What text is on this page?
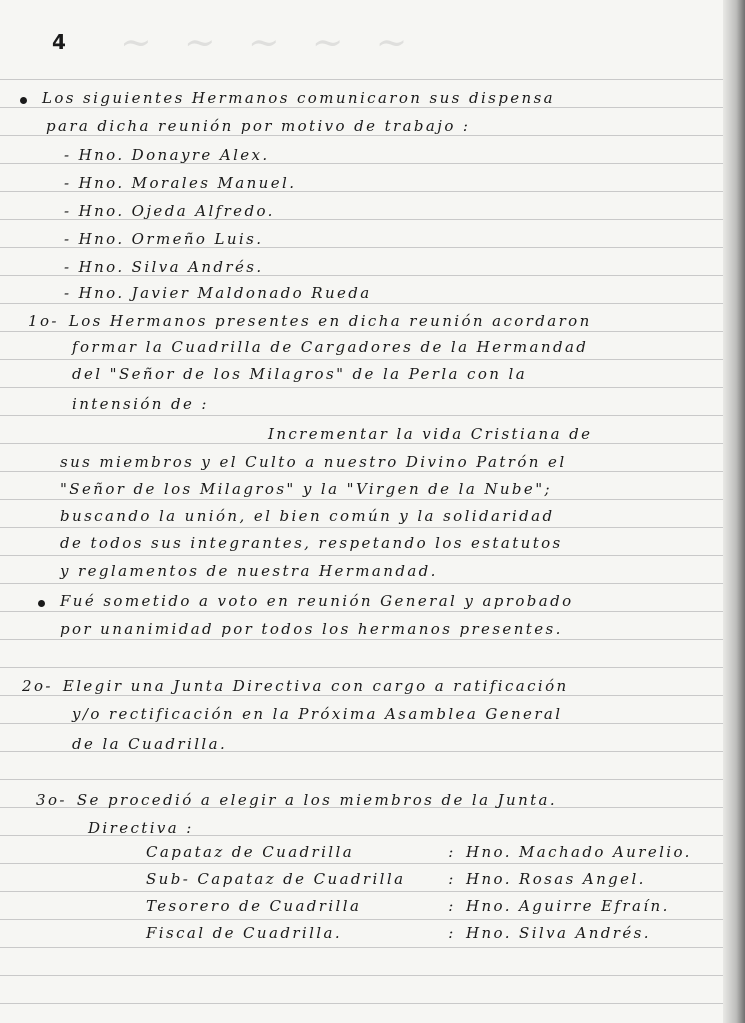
~ ~ ~ ~ ~
4
Los siguientes Hermanos comunicaron sus dispensa
para dicha reunión por motivo de trabajo :
- Hno. Donayre Alex.
- Hno. Morales Manuel.
- Hno. Ojeda Alfredo.
- Hno. Ormeño Luis.
- Hno. Silva Andrés.
- Hno. Javier Maldonado Rueda
1o- Los Hermanos presentes en dicha reunión acordaron
formar la Cuadrilla de Cargadores de la Hermandad
del "Señor de los Milagros" de la Perla con la
intensión de :
Incrementar la vida Cristiana de
sus miembros y el Culto a nuestro Divino Patrón el
"Señor de los Milagros" y la "Virgen de la Nube";
buscando la unión, el bien común y la solidaridad
de todos sus integrantes, respetando los estatutos
y reglamentos de nuestra Hermandad.
Fué sometido a voto en reunión General y aprobado
por unanimidad por todos los hermanos presentes.
2o- Elegir una Junta Directiva con cargo a ratificación
y/o rectificación en la Próxima Asamblea General
de la Cuadrilla.
3o- Se procedió a elegir a los miembros de la Junta.
Directiva :
Capataz de Cuadrilla	: Hno. Machado Aurelio.
Sub- Capataz de Cuadrilla	: Hno. Rosas Angel.
Tesorero de Cuadrilla	: Hno. Aguirre Efraín.
Fiscal de Cuadrilla.	: Hno. Silva Andrés.
